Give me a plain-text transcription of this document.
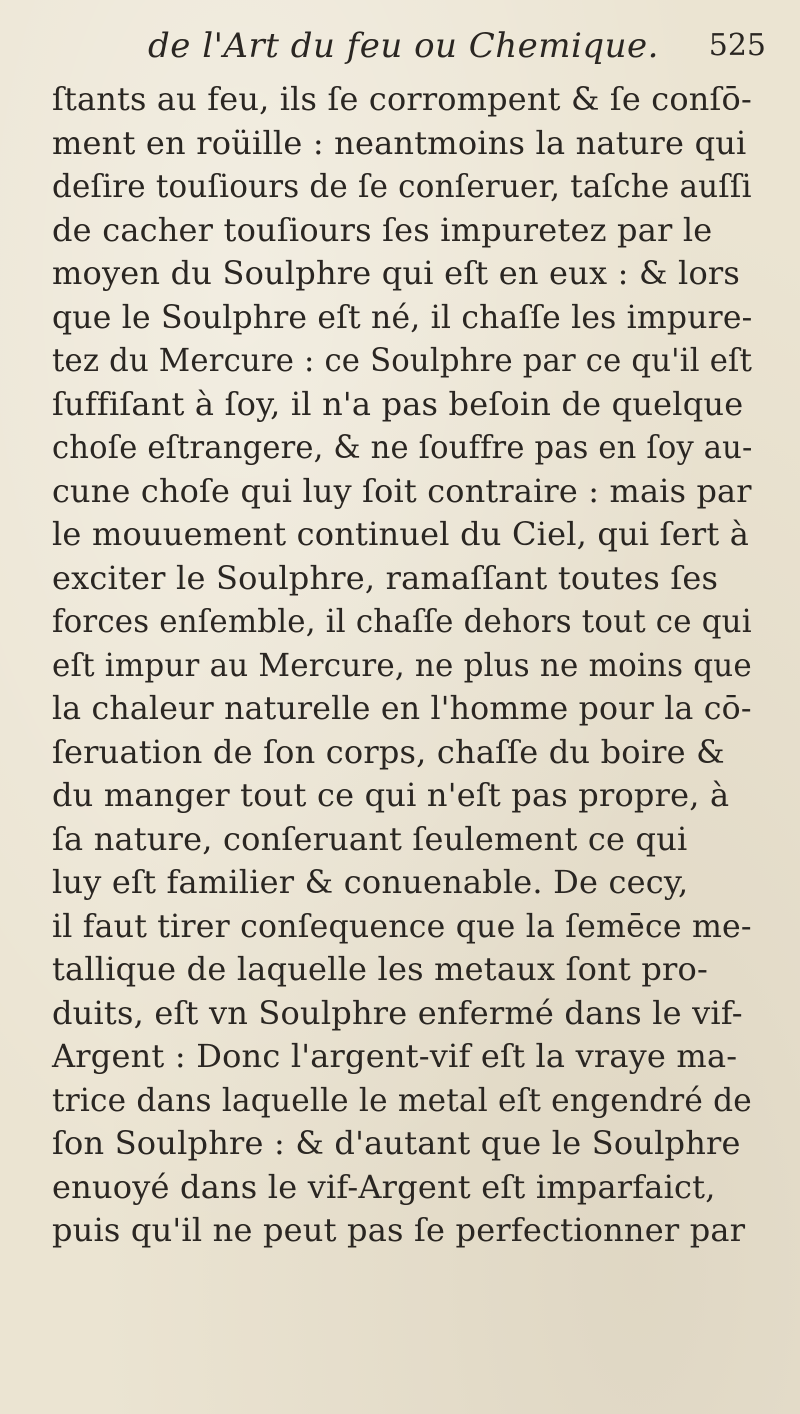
de l'Art du feu ou Chemique. 525
ſtants au feu, ils ſe corrompent & ſe conſō-
ment en roüille : neantmoins la nature qui
deſire touſiours de ſe conſeruer, taſche auſſi
de cacher touſiours ſes impuretez par le
moyen du Soulphre qui eſt en eux : & lors
que le Soulphre eſt né, il chaſſe les impure-
tez du Mercure : ce Soulphre par ce qu'il eſt
ſuffiſant à ſoy, il n'a pas beſoin de quelque
choſe eſtrangere, & ne ſouffre pas en ſoy au-
cune choſe qui luy ſoit contraire : mais par
le mouuement continuel du Ciel, qui ſert à
exciter le Soulphre, ramaſſant toutes ſes
forces enſemble, il chaſſe dehors tout ce qui
eſt impur au Mercure, ne plus ne moins que
la chaleur naturelle en l'homme pour la cō-
ſeruation de ſon corps, chaſſe du boire &
du manger tout ce qui n'eſt pas propre, à
ſa nature, conſeruant ſeulement ce qui
luy eſt familier & conuenable. De cecy,
il faut tirer conſequence que la ſemēce me-
tallique de laquelle les metaux ſont pro-
duits, eſt vn Soulphre enfermé dans le vif-
Argent : Donc l'argent-vif eſt la vraye ma-
trice dans laquelle le metal eſt engendré de
ſon Soulphre : & d'autant que le Soulphre
enuoyé dans le vif-Argent eſt imparfaict,
puis qu'il ne peut pas ſe perfectionner par
